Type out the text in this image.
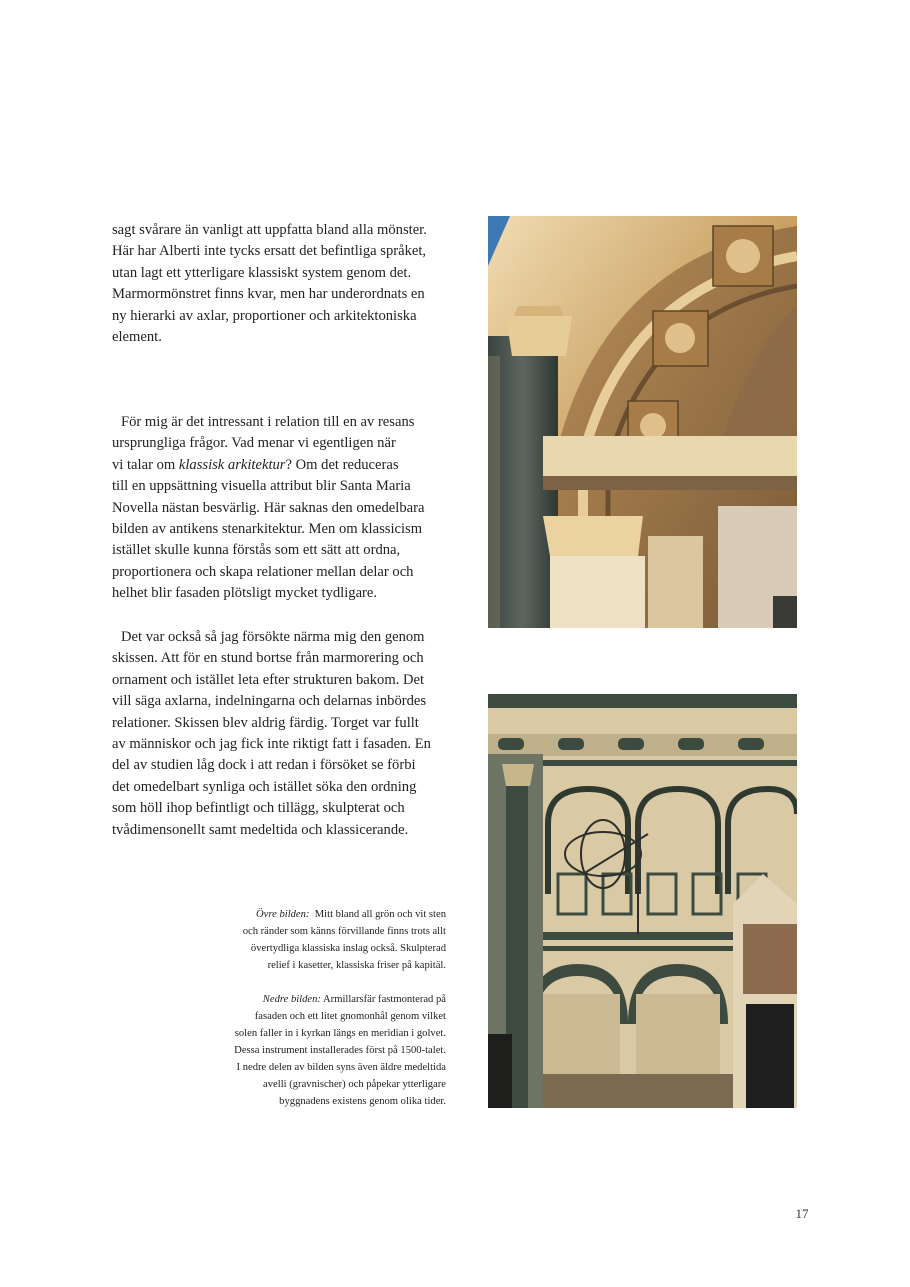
sagt svårare än vanligt att uppfatta bland alla mönster.
Här har Alberti inte tycks ersatt det befintliga språket,
utan lagt ett ytterligare klassiskt system genom det.
Marmormönstret finns kvar, men har underordnats en
ny hierarki av axlar, proportioner och arkitektoniska
element.

För mig är det intressant i relation till en av resans
ursprungliga frågor. Vad menar vi egentligen när
vi talar om klassisk arkitektur? Om det reduceras
till en uppsättning visuella attribut blir Santa Maria
Novella nästan besvärlig. Här saknas den omedelbara
bilden av antikens stenarkitektur. Men om klassicism
istället skulle kunna förstås som ett sätt att ordna,
proportionera och skapa relationer mellan delar och
helhet blir fasaden plötsligt mycket tydligare.

Det var också så jag försökte närma mig den genom
skissen. Att för en stund bortse från marmorering och
ornament och istället leta efter strukturen bakom. Det
vill säga axlarna, indelningarna och delarnas inbördes
relationer. Skissen blev aldrig färdig. Torget var fullt
av människor och jag fick inte riktigt fatt i fasaden. En
del av studien låg dock i att redan i försöket se förbi
det omedelbart synliga och istället söka den ordning
som höll ihop befintligt och tillägg, skulpterat och
tvådimensonellt samt medeltida och klassicerande.

Övre bilden: Mitt bland all grön och vit sten
och ränder som känns förvillande finns trots allt
övertydliga klassiska inslag också. Skulpterad
relief i kasetter, klassiska friser på kapitäl.
Nedre bilden: Armillarsfär fastmonterad på
fasaden och ett litet gnomonhål genom vilket
solen faller in i kyrkan längs en meridian i golvet.
Dessa instrument installerades först på 1500-talet.
I nedre delen av bilden syns även äldre medeltida
avelli (gravnischer) och påpekar ytterligare
byggnadens existens genom olika tider.
17
